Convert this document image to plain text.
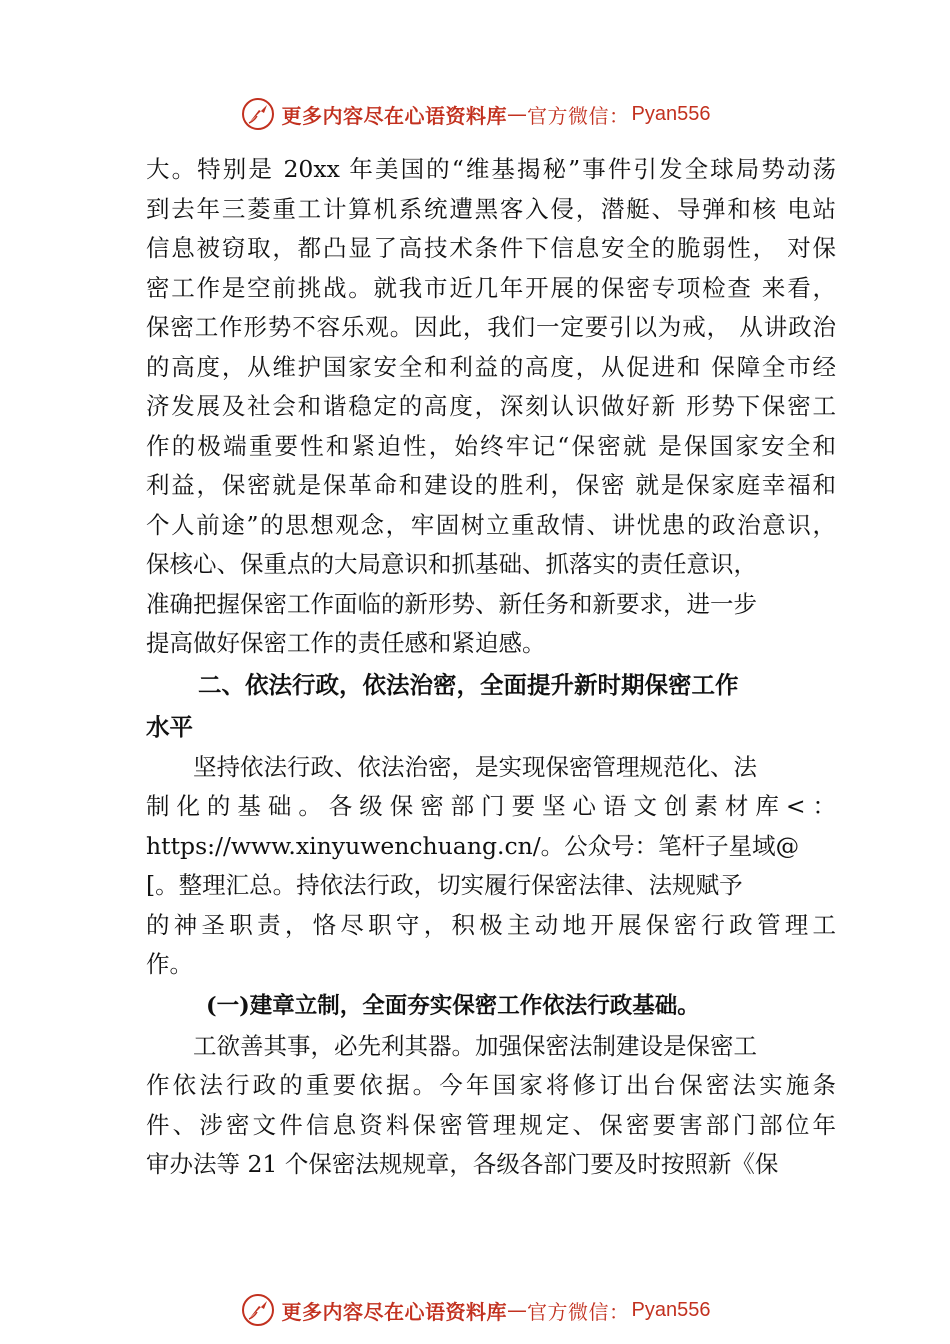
更多内容尽在心语资料库 — 官方微信： Pyan556
大。特别是 20xx 年美国的“维基揭秘”事件引发全球局势动荡
到去年三菱重工计算机系统遭黑客入侵，潜艇、导弹和核 电站
信息被窃取，都凸显了高技术条件下信息安全的脆弱性， 对保
密工作是空前挑战。就我市近几年开展的保密专项检查 来看，
保密工作形势不容乐观。因此，我们一定要引以为戒， 从讲政治
的高度，从维护国家安全和利益的高度，从促进和 保障全市经
济发展及社会和谐稳定的高度，深刻认识做好新 形势下保密工
作的极端重要性和紧迫性，始终牢记“保密就 是保国家安全和
利益，保密就是保革命和建设的胜利，保密 就是保家庭幸福和
个人前途”的思想观念，牢固树立重敌情、讲忧患的政治意识，
保核心、保重点的大局意识和抓基础、抓落实的责任意识，
准确把握保密工作面临的新形势、新任务和新要求，进一步
提高做好保密工作的责任感和紧迫感。
二、依法行政，依法治密，全面提升新时期保密工作
水平
坚持依法行政、依法治密，是实现保密管理规范化、法
制化的基础。各级保密部门要坚心语文创素材库<：
https://www.xinyuwenchuang.cn/。公众号：笔杆子星域@
[。整理汇总。持依法行政，切实履行保密法律、法规赋予
的神圣职责，恪尽职守，积极主动地开展保密行政管理工
作。
(一)建章立制，全面夯实保密工作依法行政基础。
工欲善其事，必先利其器。加强保密法制建设是保密工
作依法行政的重要依据。今年国家将修订出台保密法实施条
件、涉密文件信息资料保密管理规定、保密要害部门部位年
审办法等 21 个保密法规规章，各级各部门要及时按照新《保
更多内容尽在心语资料库 — 官方微信： Pyan556
